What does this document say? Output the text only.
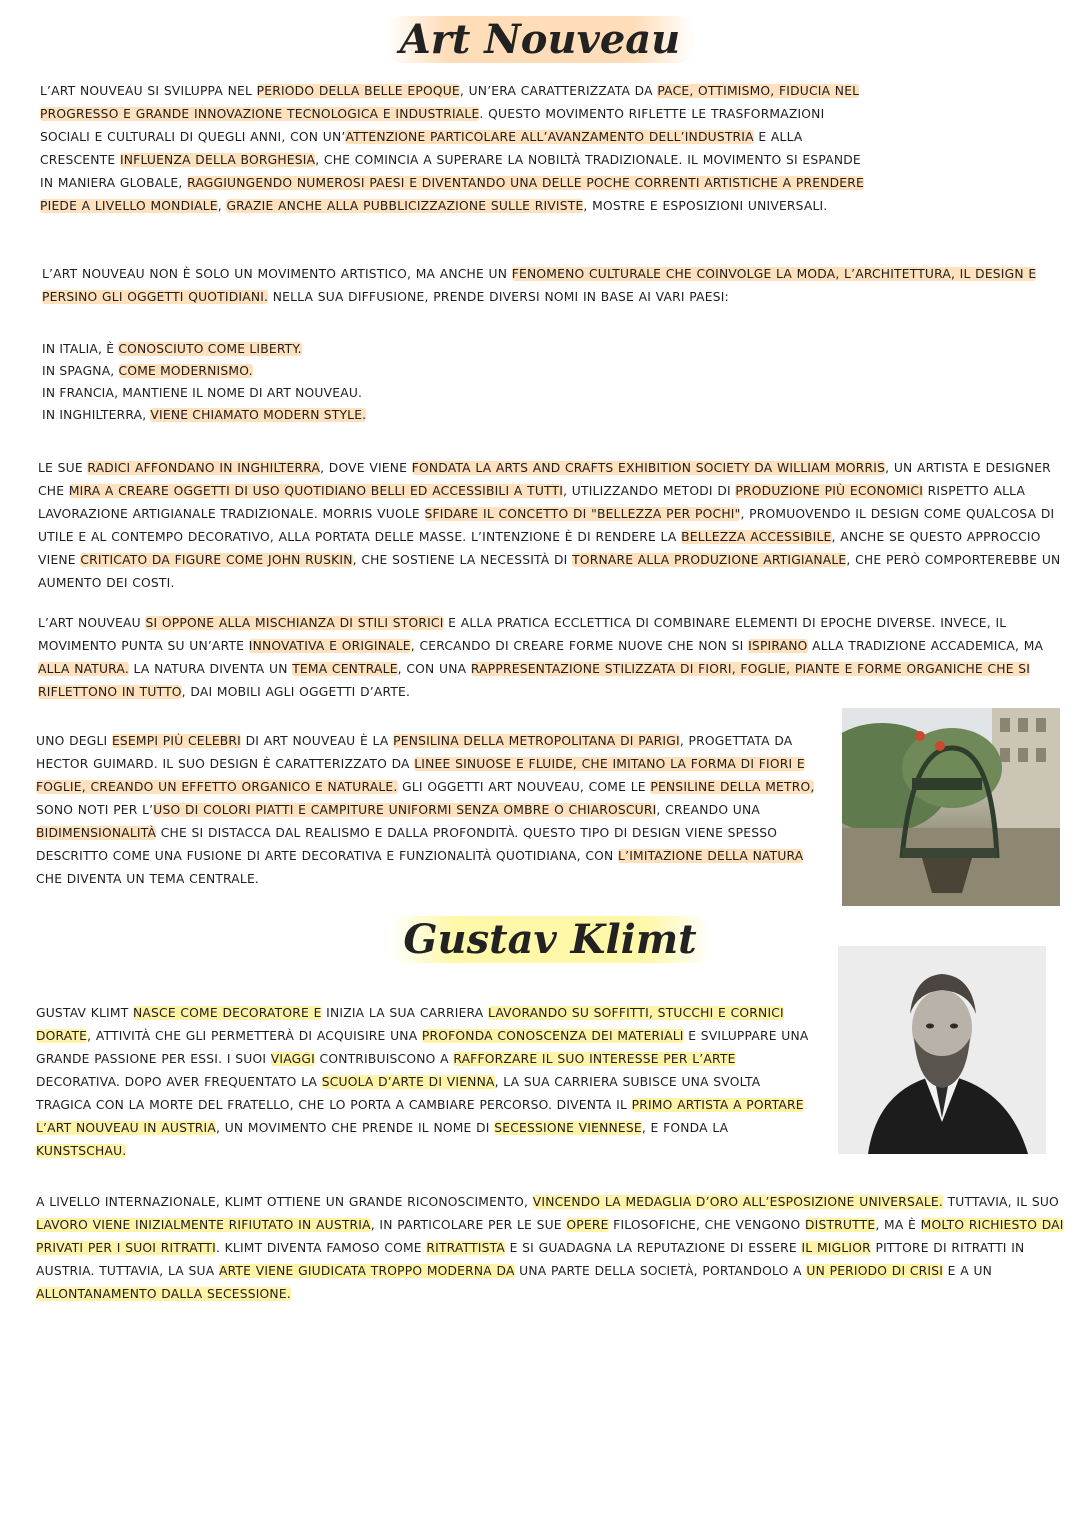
Art Nouveau

L’ART NOUVEAU SI SVILUPPA NEL PERIODO DELLA BELLE EPOQUE, UN’ERA CARATTERIZZATA DA PACE, OTTIMISMO, FIDUCIA NEL PROGRESSO E GRANDE INNOVAZIONE TECNOLOGICA E INDUSTRIALE. QUESTO MOVIMENTO RIFLETTE LE TRASFORMAZIONI SOCIALI E CULTURALI DI QUEGLI ANNI, CON UN’ATTENZIONE PARTICOLARE ALL’AVANZAMENTO DELL’INDUSTRIA E ALLA CRESCENTE INFLUENZA DELLA BORGHESIA, CHE COMINCIA A SUPERARE LA NOBILTÀ TRADIZIONALE. IL MOVIMENTO SI ESPANDE IN MANIERA GLOBALE, RAGGIUNGENDO NUMEROSI PAESI E DIVENTANDO UNA DELLE POCHE CORRENTI ARTISTICHE A PRENDERE PIEDE A LIVELLO MONDIALE, GRAZIE ANCHE ALLA PUBBLICIZZAZIONE SULLE RIVISTE, MOSTRE E ESPOSIZIONI UNIVERSALI.

L’ART NOUVEAU NON È SOLO UN MOVIMENTO ARTISTICO, MA ANCHE UN FENOMENO CULTURALE CHE COINVOLGE LA MODA, L’ARCHITETTURA, IL DESIGN E PERSINO GLI OGGETTI QUOTIDIANI. NELLA SUA DIFFUSIONE, PRENDE DIVERSI NOMI IN BASE AI VARI PAESI:

IN ITALIA, È CONOSCIUTO COME LIBERTY.
IN SPAGNA, COME MODERNISMO.
IN FRANCIA, MANTIENE IL NOME DI ART NOUVEAU.
IN INGHILTERRA, VIENE CHIAMATO MODERN STYLE.

LE SUE RADICI AFFONDANO IN INGHILTERRA, DOVE VIENE FONDATA LA ARTS AND CRAFTS EXHIBITION SOCIETY DA WILLIAM MORRIS, UN ARTISTA E DESIGNER CHE MIRA A CREARE OGGETTI DI USO QUOTIDIANO BELLI ED ACCESSIBILI A TUTTI, UTILIZZANDO METODI DI PRODUZIONE PIÙ ECONOMICI RISPETTO ALLA LAVORAZIONE ARTIGIANALE TRADIZIONALE. MORRIS VUOLE SFIDARE IL CONCETTO DI "BELLEZZA PER POCHI", PROMUOVENDO IL DESIGN COME QUALCOSA DI UTILE E AL CONTEMPO DECORATIVO, ALLA PORTATA DELLE MASSE. L’INTENZIONE È DI RENDERE LA BELLEZZA ACCESSIBILE, ANCHE SE QUESTO APPROCCIO VIENE CRITICATO DA FIGURE COME JOHN RUSKIN, CHE SOSTIENE LA NECESSITÀ DI TORNARE ALLA PRODUZIONE ARTIGIANALE, CHE PERÒ COMPORTEREBBE UN AUMENTO DEI COSTI.

L’ART NOUVEAU SI OPPONE ALLA MISCHIANZA DI STILI STORICI E ALLA PRATICA ECCLETTICA DI COMBINARE ELEMENTI DI EPOCHE DIVERSE. INVECE, IL MOVIMENTO PUNTA SU UN’ARTE INNOVATIVA E ORIGINALE, CERCANDO DI CREARE FORME NUOVE CHE NON SI ISPIRANO ALLA TRADIZIONE ACCADEMICA, MA ALLA NATURA. LA NATURA DIVENTA UN TEMA CENTRALE, CON UNA RAPPRESENTAZIONE STILIZZATA DI FIORI, FOGLIE, PIANTE E FORME ORGANICHE CHE SI RIFLETTONO IN TUTTO, DAI MOBILI AGLI OGGETTI D’ARTE.

UNO DEGLI ESEMPI PIÙ CELEBRI DI ART NOUVEAU È LA PENSILINA DELLA METROPOLITANA DI PARIGI, PROGETTATA DA HECTOR GUIMARD. IL SUO DESIGN È CARATTERIZZATO DA LINEE SINUOSE E FLUIDE, CHE IMITANO LA FORMA DI FIORI E FOGLIE, CREANDO UN EFFETTO ORGANICO E NATURALE. GLI OGGETTI ART NOUVEAU, COME LE PENSILINE DELLA METRO, SONO NOTI PER L’USO DI COLORI PIATTI E CAMPITURE UNIFORMI SENZA OMBRE O CHIAROSCURI, CREANDO UNA BIDIMENSIONALITÀ CHE SI DISTACCA DAL REALISMO E DALLA PROFONDITÀ. QUESTO TIPO DI DESIGN VIENE SPESSO DESCRITTO COME UNA FUSIONE DI ARTE DECORATIVA E FUNZIONALITÀ QUOTIDIANA, CON L’IMITAZIONE DELLA NATURA CHE DIVENTA UN TEMA CENTRALE.

Gustav Klimt

GUSTAV KLIMT NASCE COME DECORATORE E INIZIA LA SUA CARRIERA LAVORANDO SU SOFFITTI, STUCCHI E CORNICI DORATE, ATTIVITÀ CHE GLI PERMETTERÀ DI ACQUISIRE UNA PROFONDA CONOSCENZA DEI MATERIALI E SVILUPPARE UNA GRANDE PASSIONE PER ESSI. I SUOI VIAGGI CONTRIBUISCONO A RAFFORZARE IL SUO INTERESSE PER L’ARTE DECORATIVA. DOPO AVER FREQUENTATO LA SCUOLA D’ARTE DI VIENNA, LA SUA CARRIERA SUBISCE UNA SVOLTA TRAGICA CON LA MORTE DEL FRATELLO, CHE LO PORTA A CAMBIARE PERCORSO. DIVENTA IL PRIMO ARTISTA A PORTARE L’ART NOUVEAU IN AUSTRIA, UN MOVIMENTO CHE PRENDE IL NOME DI SECESSIONE VIENNESE, E FONDA LA KUNSTSCHAU.

A LIVELLO INTERNAZIONALE, KLIMT OTTIENE UN GRANDE RICONOSCIMENTO, VINCENDO LA MEDAGLIA D’ORO ALL’ESPOSIZIONE UNIVERSALE. TUTTAVIA, IL SUO LAVORO VIENE INIZIALMENTE RIFIUTATO IN AUSTRIA, IN PARTICOLARE PER LE SUE OPERE FILOSOFICHE, CHE VENGONO DISTRUTTE, MA È MOLTO RICHIESTO DAI PRIVATI PER I SUOI RITRATTI. KLIMT DIVENTA FAMOSO COME RITRATTISTA E SI GUADAGNA LA REPUTAZIONE DI ESSERE IL MIGLIOR PITTORE DI RITRATTI IN AUSTRIA. TUTTAVIA, LA SUA ARTE VIENE GIUDICATA TROPPO MODERNA DA UNA PARTE DELLA SOCIETÀ, PORTANDOLO A UN PERIODO DI CRISI E A UN ALLONTANAMENTO DALLA SECESSIONE.
